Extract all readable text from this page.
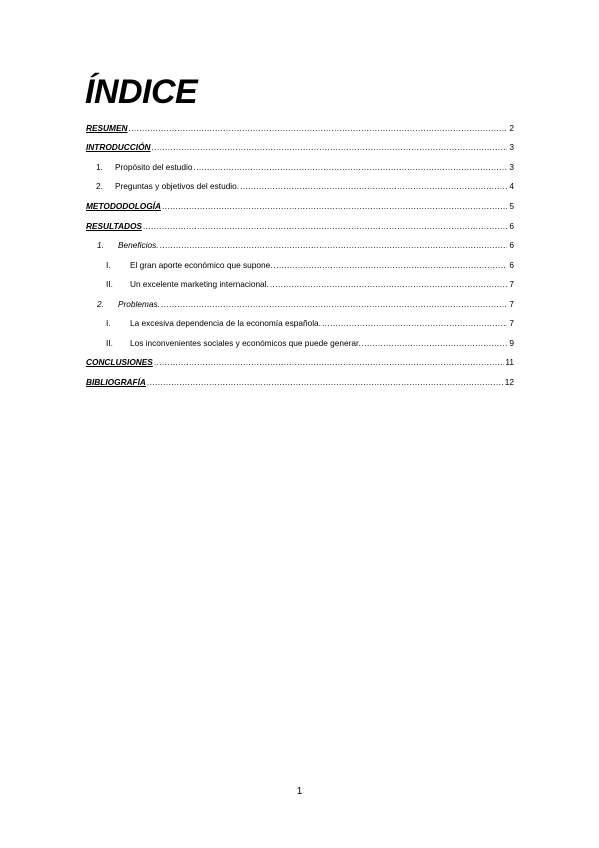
ÍNDICE
RESUMEN .....	2
INTRODUCCIÓN .....	3
1.	Propósito del estudio .....	3
2.	Preguntas y objetivos del estudio. .....	4
METODODOLOGÍA .....	5
RESULTADOS .....	6
1.	Beneficios. .....	6
I.	El gran aporte económico que supone. .....	6
II.	Un excelente marketing internacional. .....	7
2.	Problemas. .....	7
I.	La excesiva dependencia de la economía española. .....	7
II.	Los inconvenientes sociales y económicos que puede generar. .....	9
CONCLUSIONES .....	11
BIBLIOGRAFÍA .....	12
1
